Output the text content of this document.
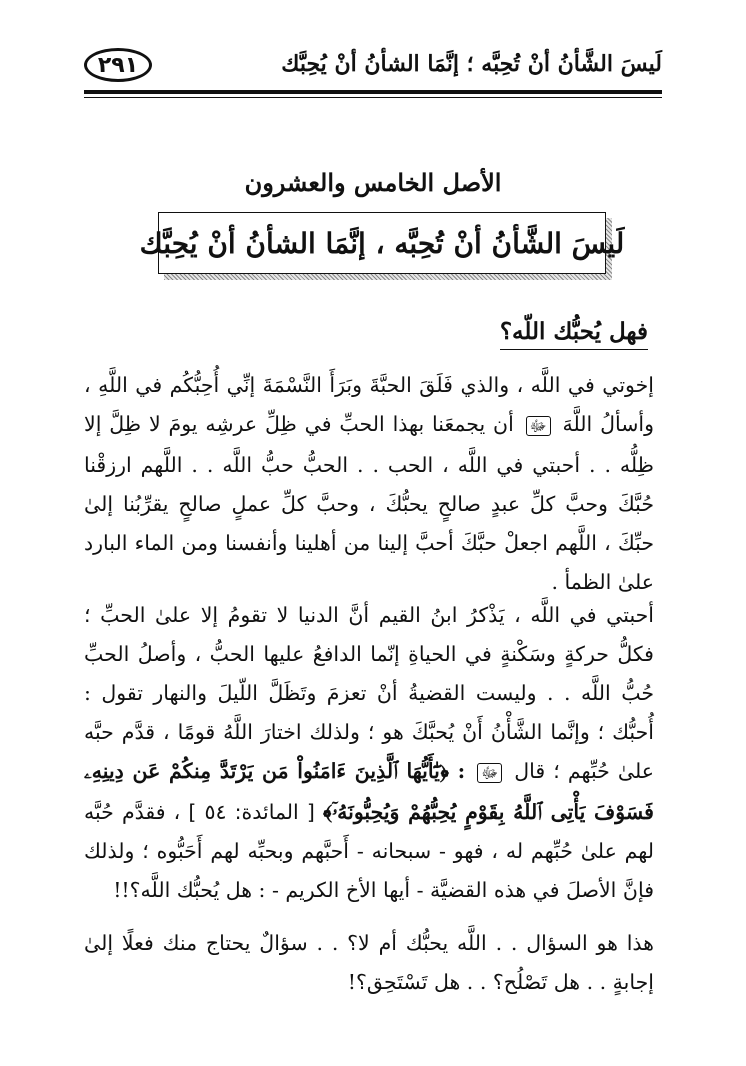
لَيسَ الشَّأنُ أنْ تُحِبَّه ؛ إنَّمَا الشأنُ أنْ يُحِبَّك
٢٩١
الأصل الخامس والعشرون
لَيسَ الشَّأنُ أنْ تُحِبَّه ، إنَّمَا الشأنُ أنْ يُحِبَّك
فهل يُحبُّك اللّه؟
إخوتي في اللَّه ، والذي فَلَقَ الحبَّةَ وبَرَأَ النَّسْمَةَ إنِّي أُحِبُّكُم في اللَّهِ ، وأسألُ اللَّهَ ﷻ أن يجمعَنا بهذا الحبِّ في ظِلِّ عرشِه يومَ لا ظِلَّ إلا ظِلُّه . . أحبتي في اللَّه ، الحب . . الحبُّ حبُّ اللَّه . . اللَّهم ارزقْنا حُبَّكَ وحبَّ كلِّ عبدٍ صالحٍ يحبُّكَ ، وحبَّ كلِّ عملٍ صالحٍ يقرِّبُنا إلىٰ حبِّكَ ، اللَّهم اجعلْ حبَّكَ أحبَّ إلينا من أهلينا وأنفسنا ومن الماء البارد علىٰ الظمأ .
أحبتي في اللَّه ، يَذْكرُ ابنُ القيم أنَّ الدنيا لا تقومُ إلا علىٰ الحبِّ ؛ فكلُّ حركةٍ وسَكْنةٍ في الحياةِ إنّما الدافعُ عليها الحبُّ ، وأصلُ الحبِّ حُبُّ اللَّه . . وليست القضيةُ أنْ تعزمَ وتَظَلَّ اللّيلَ والنهار تقول : أُحبُّك ؛ وإنَّما الشَّأْنُ أَنْ يُحبَّكَ هو ؛ ولذلك اختارَ اللَّهُ قومًا ، قدَّم حبَّه علىٰ حُبِّهم ؛ قال ﷻ : ﴿يَٰٓأَيُّهَا ٱلَّذِينَ ءَامَنُواْ مَن يَرْتَدَّ مِنكُمْ عَن دِينِهِۦ فَسَوْفَ يَأْتِى ٱللَّهُ بِقَوْمٍ يُحِبُّهُمْ وَيُحِبُّونَهُۥٓ﴾ [ المائدة: ٥٤ ] ، فقدَّم حُبَّه لهم علىٰ حُبِّهم له ، فهو - سبحانه - أَحبَّهم وبحبِّه لهم أَحَبُّوه ؛ ولذلك فإنَّ الأصلَ في هذه القضيَّة - أيها الأخ الكريم - : هل يُحبُّك اللَّه؟!!
هذا هو السؤال . . اللَّه يحبُّك أم لا؟ . . سؤالٌ يحتاج منك فعلًا إلىٰ إجابةٍ . . هل تَصْلُح؟ . . هل تَسْتَحِق؟!
